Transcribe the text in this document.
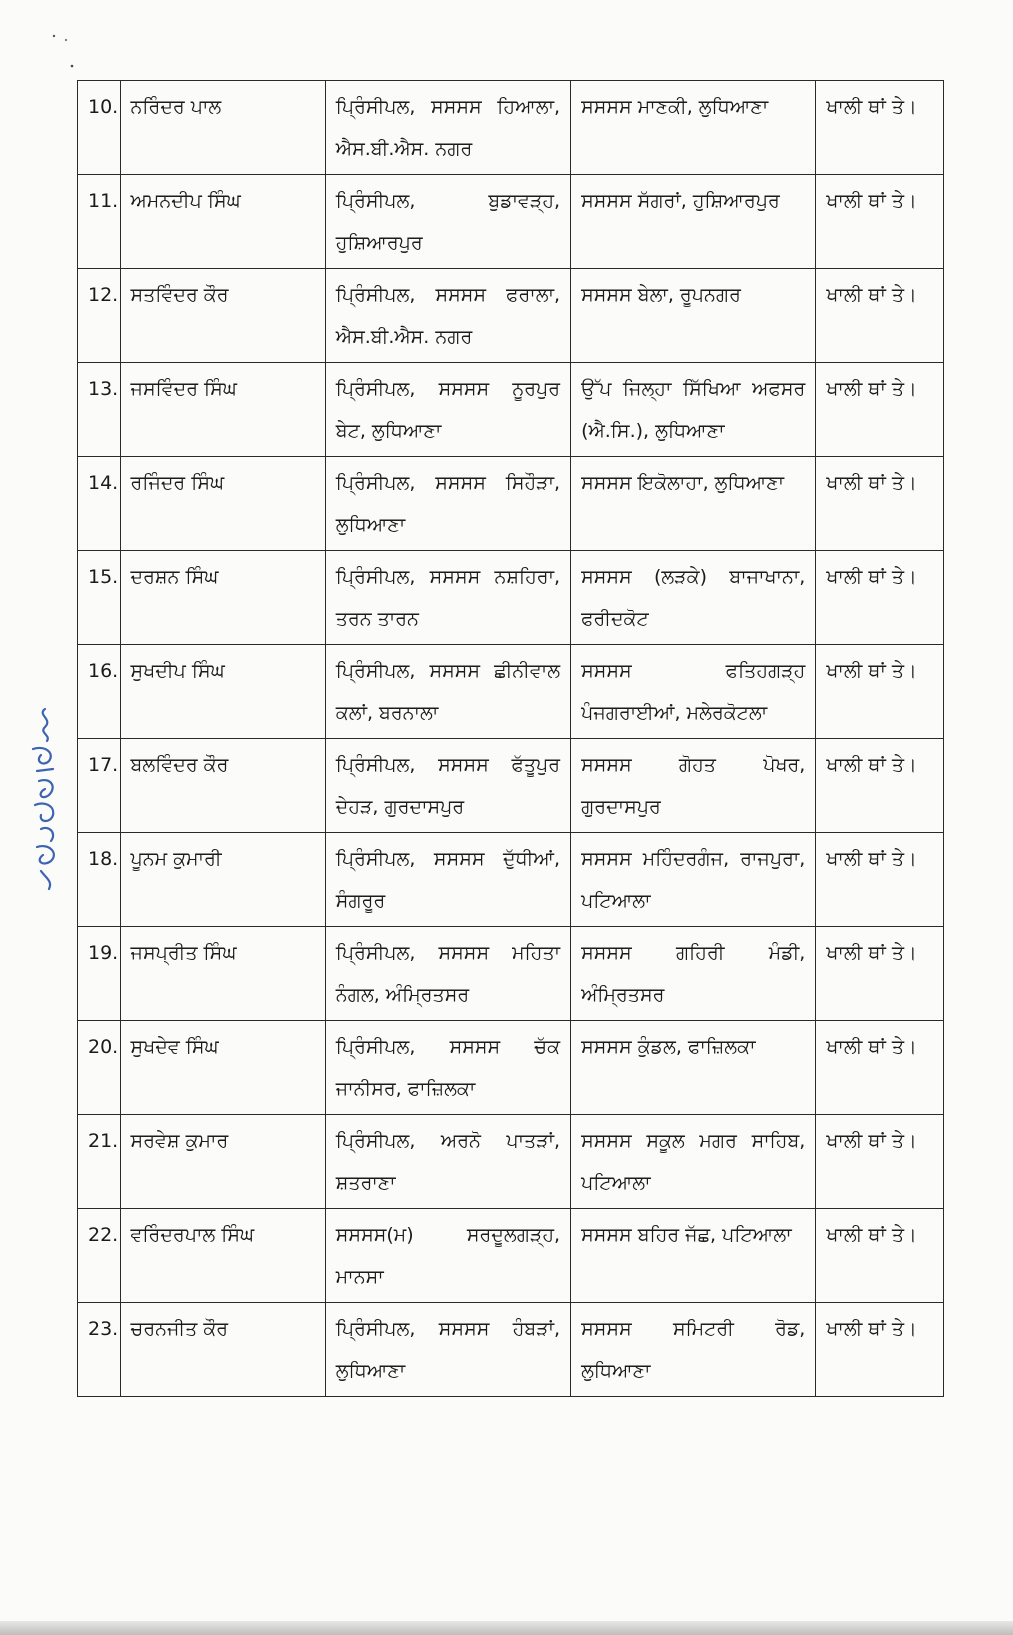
10.	ਨਰਿੰਦਰ ਪਾਲ	ਪ੍ਰਿੰਸੀਪਲ, ਸਸਸਸ ਹਿਆਲਾ, ਐਸ.ਬੀ.ਐਸ. ਨਗਰ	ਸਸਸਸ ਮਾਣਕੀ, ਲੁਧਿਆਣਾ	ਖਾਲੀ ਥਾਂ ਤੇ।
11.	ਅਮਨਦੀਪ ਸਿੰਘ	ਪ੍ਰਿੰਸੀਪਲ, ਬੁਡਾਵੜ੍ਹ, ਹੁਸ਼ਿਆਰਪੁਰ	ਸਸਸਸ ਸੱਗਰਾਂ, ਹੁਸ਼ਿਆਰਪੁਰ	ਖਾਲੀ ਥਾਂ ਤੇ।
12.	ਸਤਵਿੰਦਰ ਕੌਰ	ਪ੍ਰਿੰਸੀਪਲ, ਸਸਸਸ ਫਰਾਲਾ, ਐਸ.ਬੀ.ਐਸ. ਨਗਰ	ਸਸਸਸ ਬੇਲਾ, ਰੂਪਨਗਰ	ਖਾਲੀ ਥਾਂ ਤੇ।
13.	ਜਸਵਿੰਦਰ ਸਿੰਘ	ਪ੍ਰਿੰਸੀਪਲ, ਸਸਸਸ ਨੂਰਪੁਰ ਬੇਟ, ਲੁਧਿਆਣਾ	ਉੱਪ ਜਿਲ੍ਹਾ ਸਿੱਖਿਆ ਅਫਸਰ (ਐ.ਸਿ.), ਲੁਧਿਆਣਾ	ਖਾਲੀ ਥਾਂ ਤੇ।
14.	ਰਜਿੰਦਰ ਸਿੰਘ	ਪ੍ਰਿੰਸੀਪਲ, ਸਸਸਸ ਸਿਹੌੜਾ, ਲੁਧਿਆਣਾ	ਸਸਸਸ ਇਕੋਲਾਹਾ, ਲੁਧਿਆਣਾ	ਖਾਲੀ ਥਾਂ ਤੇ।
15.	ਦਰਸ਼ਨ ਸਿੰਘ	ਪ੍ਰਿੰਸੀਪਲ, ਸਸਸਸ ਨਸ਼ਹਿਰਾ, ਤਰਨ ਤਾਰਨ	ਸਸਸਸ (ਲੜਕੇ) ਬਾਜਾਖਾਨਾ, ਫਰੀਦਕੋਟ	ਖਾਲੀ ਥਾਂ ਤੇ।
16.	ਸੁਖਦੀਪ ਸਿੰਘ	ਪ੍ਰਿੰਸੀਪਲ, ਸਸਸਸ ਛੀਨੀਵਾਲ ਕਲਾਂ, ਬਰਨਾਲਾ	ਸਸਸਸ ਫਤਿਹਗੜ੍ਹ ਪੰਜਗਰਾਈਆਂ, ਮਲੇਰਕੋਟਲਾ	ਖਾਲੀ ਥਾਂ ਤੇ।
17.	ਬਲਵਿੰਦਰ ਕੌਰ	ਪ੍ਰਿੰਸੀਪਲ, ਸਸਸਸ ਫੱਤੂਪੁਰ ਦੇਹੜ, ਗੁਰਦਾਸਪੁਰ	ਸਸਸਸ ਗੋਹਤ ਪੋਖਰ, ਗੁਰਦਾਸਪੁਰ	ਖਾਲੀ ਥਾਂ ਤੇ।
18.	ਪੂਨਮ ਕੁਮਾਰੀ	ਪ੍ਰਿੰਸੀਪਲ, ਸਸਸਸ ਦੁੱਧੀਆਂ, ਸੰਗਰੂਰ	ਸਸਸਸ ਮਹਿੰਦਰਗੰਜ, ਰਾਜਪੁਰਾ, ਪਟਿਆਲਾ	ਖਾਲੀ ਥਾਂ ਤੇ।
19.	ਜਸਪ੍ਰੀਤ ਸਿੰਘ	ਪ੍ਰਿੰਸੀਪਲ, ਸਸਸਸ ਮਹਿਤਾ ਨੰਗਲ, ਅੰਮ੍ਰਿਤਸਰ	ਸਸਸਸ ਗਹਿਰੀ ਮੰਡੀ, ਅੰਮ੍ਰਿਤਸਰ	ਖਾਲੀ ਥਾਂ ਤੇ।
20.	ਸੁਖਦੇਵ ਸਿੰਘ	ਪ੍ਰਿੰਸੀਪਲ, ਸਸਸਸ ਚੱਕ ਜਾਨੀਸਰ, ਫਾਜ਼ਿਲਕਾ	ਸਸਸਸ ਕੁੰਡਲ, ਫਾਜ਼ਿਲਕਾ	ਖਾਲੀ ਥਾਂ ਤੇ।
21.	ਸਰਵੇਸ਼ ਕੁਮਾਰ	ਪ੍ਰਿੰਸੀਪਲ, ਅਰਨੋ ਪਾਤੜਾਂ, ਸ਼ਤਰਾਣਾ	ਸਸਸਸ ਸਕੂਲ ਮਗਰ ਸਾਹਿਬ, ਪਟਿਆਲਾ	ਖਾਲੀ ਥਾਂ ਤੇ।
22.	ਵਰਿੰਦਰਪਾਲ ਸਿੰਘ	ਸਸਸਸ(ਮ) ਸਰਦੂਲਗੜ੍ਹ, ਮਾਨਸਾ	ਸਸਸਸ ਬਹਿਰ ਜੱਛ, ਪਟਿਆਲਾ	ਖਾਲੀ ਥਾਂ ਤੇ।
23.	ਚਰਨਜੀਤ ਕੌਰ	ਪ੍ਰਿੰਸੀਪਲ, ਸਸਸਸ ਹੰਬੜਾਂ, ਲੁਧਿਆਣਾ	ਸਸਸਸ ਸਮਿਟਰੀ ਰੋਡ, ਲੁਧਿਆਣਾ	ਖਾਲੀ ਥਾਂ ਤੇ।
